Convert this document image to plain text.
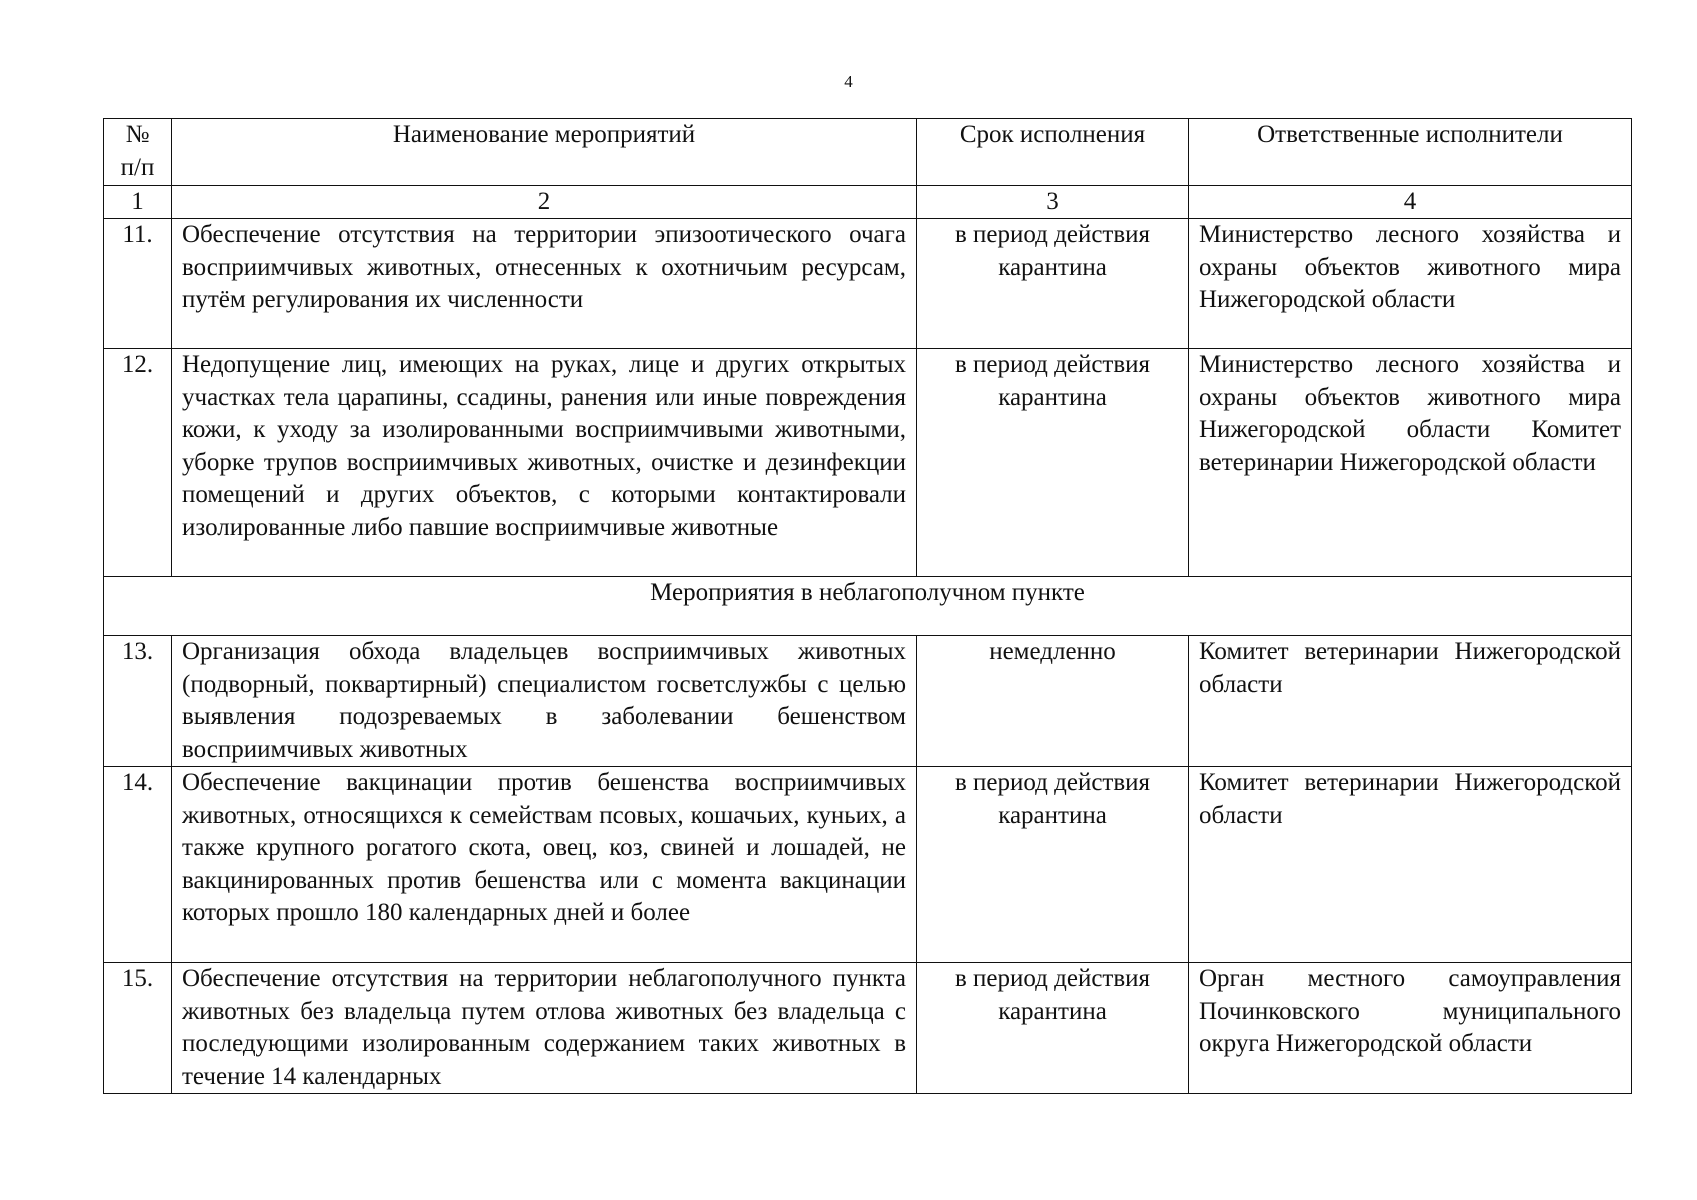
4
№ п/п	Наименование мероприятий	Срок исполнения	Ответственные исполнители
1	2	3	4
11.	Обеспечение отсутствия на территории эпизоотического очага восприимчивых животных, отнесенных к охотничьим ресурсам, путём регулирования их численности	в период действия карантина	Министерство лесного хозяйства и охраны объектов животного мира Нижегородской области
12.	Недопущение лиц, имеющих на руках, лице и других открытых участках тела царапины, ссадины, ранения или иные повреждения кожи, к уходу за изолированными восприимчивыми животными, уборке трупов восприимчивых животных, очистке и дезинфекции помещений и других объектов, с которыми контактировали изолированные либо павшие восприимчивые животные	в период действия карантина	Министерство лесного хозяйства и охраны объектов животного мира Нижегородской области Комитет ветеринарии Нижегородской области
Мероприятия в неблагополучном пункте			
13.	Организация обхода владельцев восприимчивых животных (подворный, поквартирный) специалистом госветслужбы с целью выявления подозреваемых в заболевании бешенством восприимчивых животных	немедленно	Комитет ветеринарии Нижегородской области
14.	Обеспечение вакцинации против бешенства восприимчивых животных, относящихся к семействам псовых, кошачьих, куньих, а также крупного рогатого скота, овец, коз, свиней и лошадей, не вакцинированных против бешенства или с момента вакцинации которых прошло 180 календарных дней и более	в период действия карантина	Комитет ветеринарии Нижегородской области
15.	Обеспечение отсутствия на территории неблагополучного пункта животных без владельца путем отлова животных без владельца с последующими изолированным содержанием таких животных в течение 14 календарных	в период действия карантина	Орган местного самоуправления Починковского муниципального округа Нижегородской области
